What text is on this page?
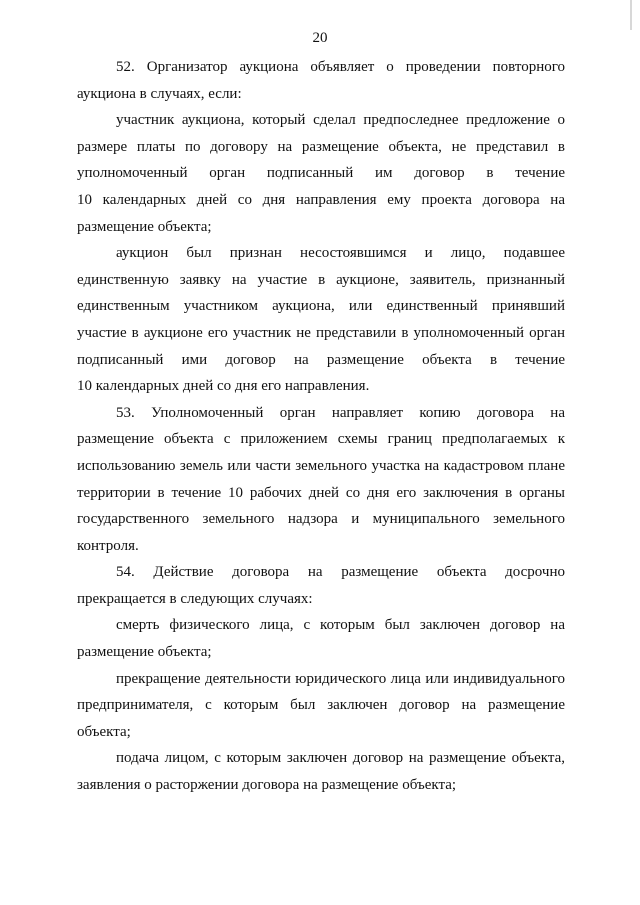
20
52. Организатор аукциона объявляет о проведении повторного
аукциона в случаях, если:
участник аукциона, который сделал предпоследнее предложение о
размере платы по договору на размещение объекта, не представил в
уполномоченный орган подписанный им договор в течение
10 календарных дней со дня направления ему проекта договора на
размещение объекта;
аукцион был признан несостоявшимся и лицо, подавшее
единственную заявку на участие в аукционе, заявитель, признанный
единственным участником аукциона, или единственный принявший
участие в аукционе его участник не представили в уполномоченный орган
подписанный ими договор на размещение объекта в течение
10 календарных дней со дня его направления.
53. Уполномоченный орган направляет копию договора на
размещение объекта с приложением схемы границ предполагаемых к
использованию земель или части земельного участка на кадастровом плане
территории в течение 10 рабочих дней со дня его заключения в органы
государственного земельного надзора и муниципального земельного
контроля.
54. Действие договора на размещение объекта досрочно
прекращается в следующих случаях:
смерть физического лица, с которым был заключен договор на
размещение объекта;
прекращение деятельности юридического лица или индивидуального
предпринимателя, с которым был заключен договор на размещение
объекта;
подача лицом, с которым заключен договор на размещение объекта,
заявления о расторжении договора на размещение объекта;
